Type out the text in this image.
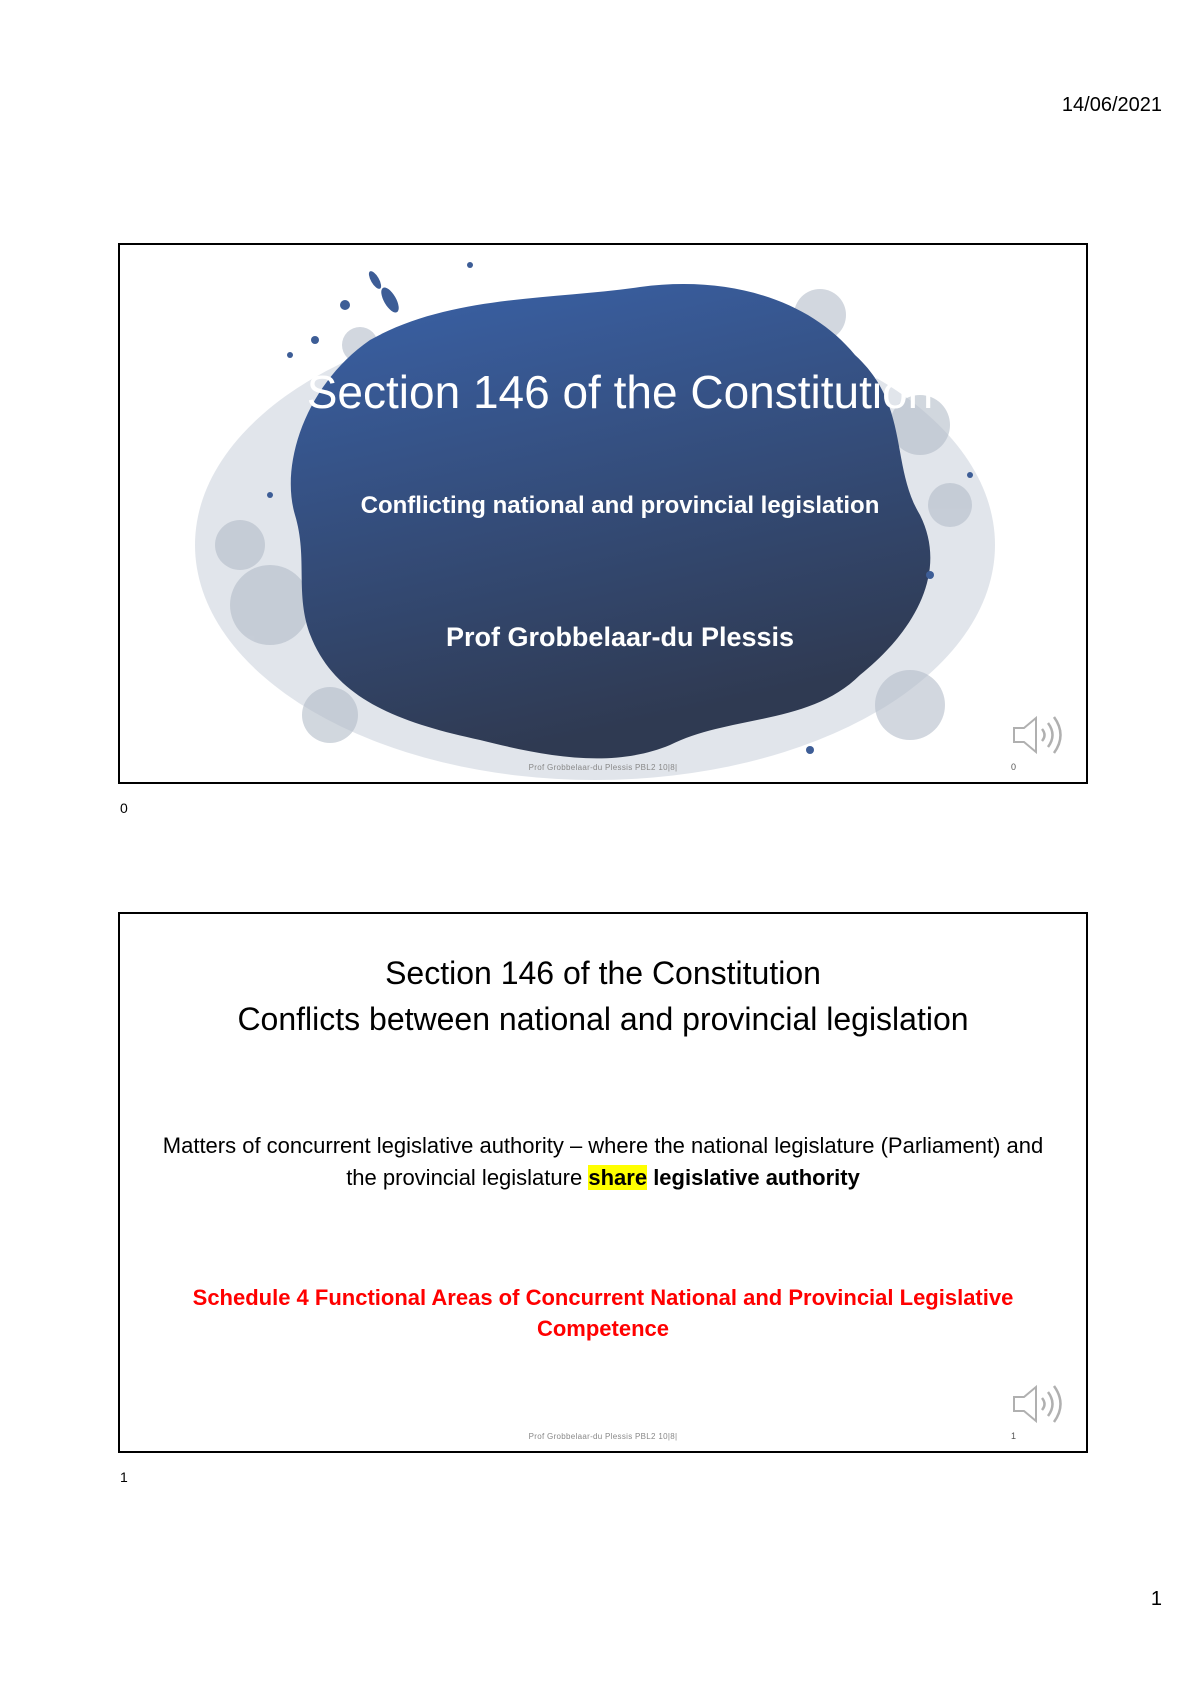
14/06/2021
Section 146 of the Constitution
Conflicting national and provincial legislation
Prof Grobbelaar-du Plessis
Prof Grobbelaar-du Plessis PBL2 10|8|	0
0
Section 146 of the Constitution
Conflicts between national and provincial legislation
Matters of concurrent legislative authority – where the national legislature (Parliament) and the provincial legislature share legislative authority
Schedule 4 Functional Areas of Concurrent National and Provincial Legislative Competence
Prof Grobbelaar-du Plessis PBL2 10|8|	1
1
1
